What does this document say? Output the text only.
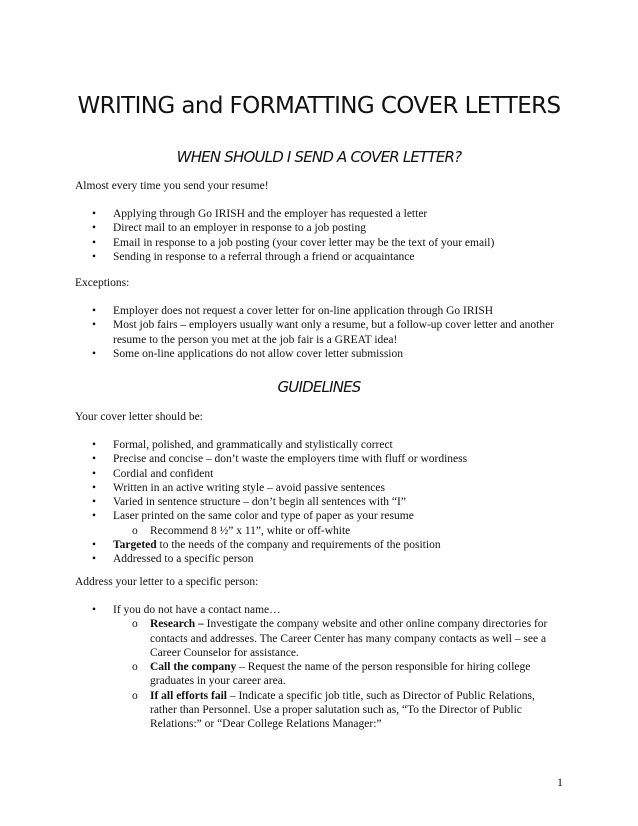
WRITING and FORMATTING COVER LETTERS
WHEN SHOULD I SEND A COVER LETTER?

Almost every time you send your resume!

• Applying through Go IRISH and the employer has requested a letter
• Direct mail to an employer in response to a job posting
• Email in response to a job posting (your cover letter may be the text of your email)
• Sending in response to a referral through a friend or acquaintance

Exceptions:

• Employer does not request a cover letter for on-line application through Go IRISH
• Most job fairs – employers usually want only a resume, but a follow-up cover letter and another
resume to the person you met at the job fair is a GREAT idea!
• Some on-line applications do not allow cover letter submission
GUIDELINES

Your cover letter should be:

• Formal, polished, and grammatically and stylistically correct
• Precise and concise – don’t waste the employers time with fluff or wordiness
• Cordial and confident
• Written in an active writing style – avoid passive sentences
• Varied in sentence structure – don’t begin all sentences with “I”
• Laser printed on the same color and type of paper as your resume
o Recommend 8 ½” x 11”, white or off-white
• Targeted to the needs of the company and requirements of the position
• Addressed to a specific person

Address your letter to a specific person:

• If you do not have a contact name…
o Research – Investigate the company website and other online company directories for
contacts and addresses. The Career Center has many company contacts as well – see a
Career Counselor for assistance.
o Call the company – Request the name of the person responsible for hiring college
graduates in your career area.
o If all efforts fail – Indicate a specific job title, such as Director of Public Relations,
rather than Personnel. Use a proper salutation such as, “To the Director of Public
Relations:” or “Dear College Relations Manager:”
1
